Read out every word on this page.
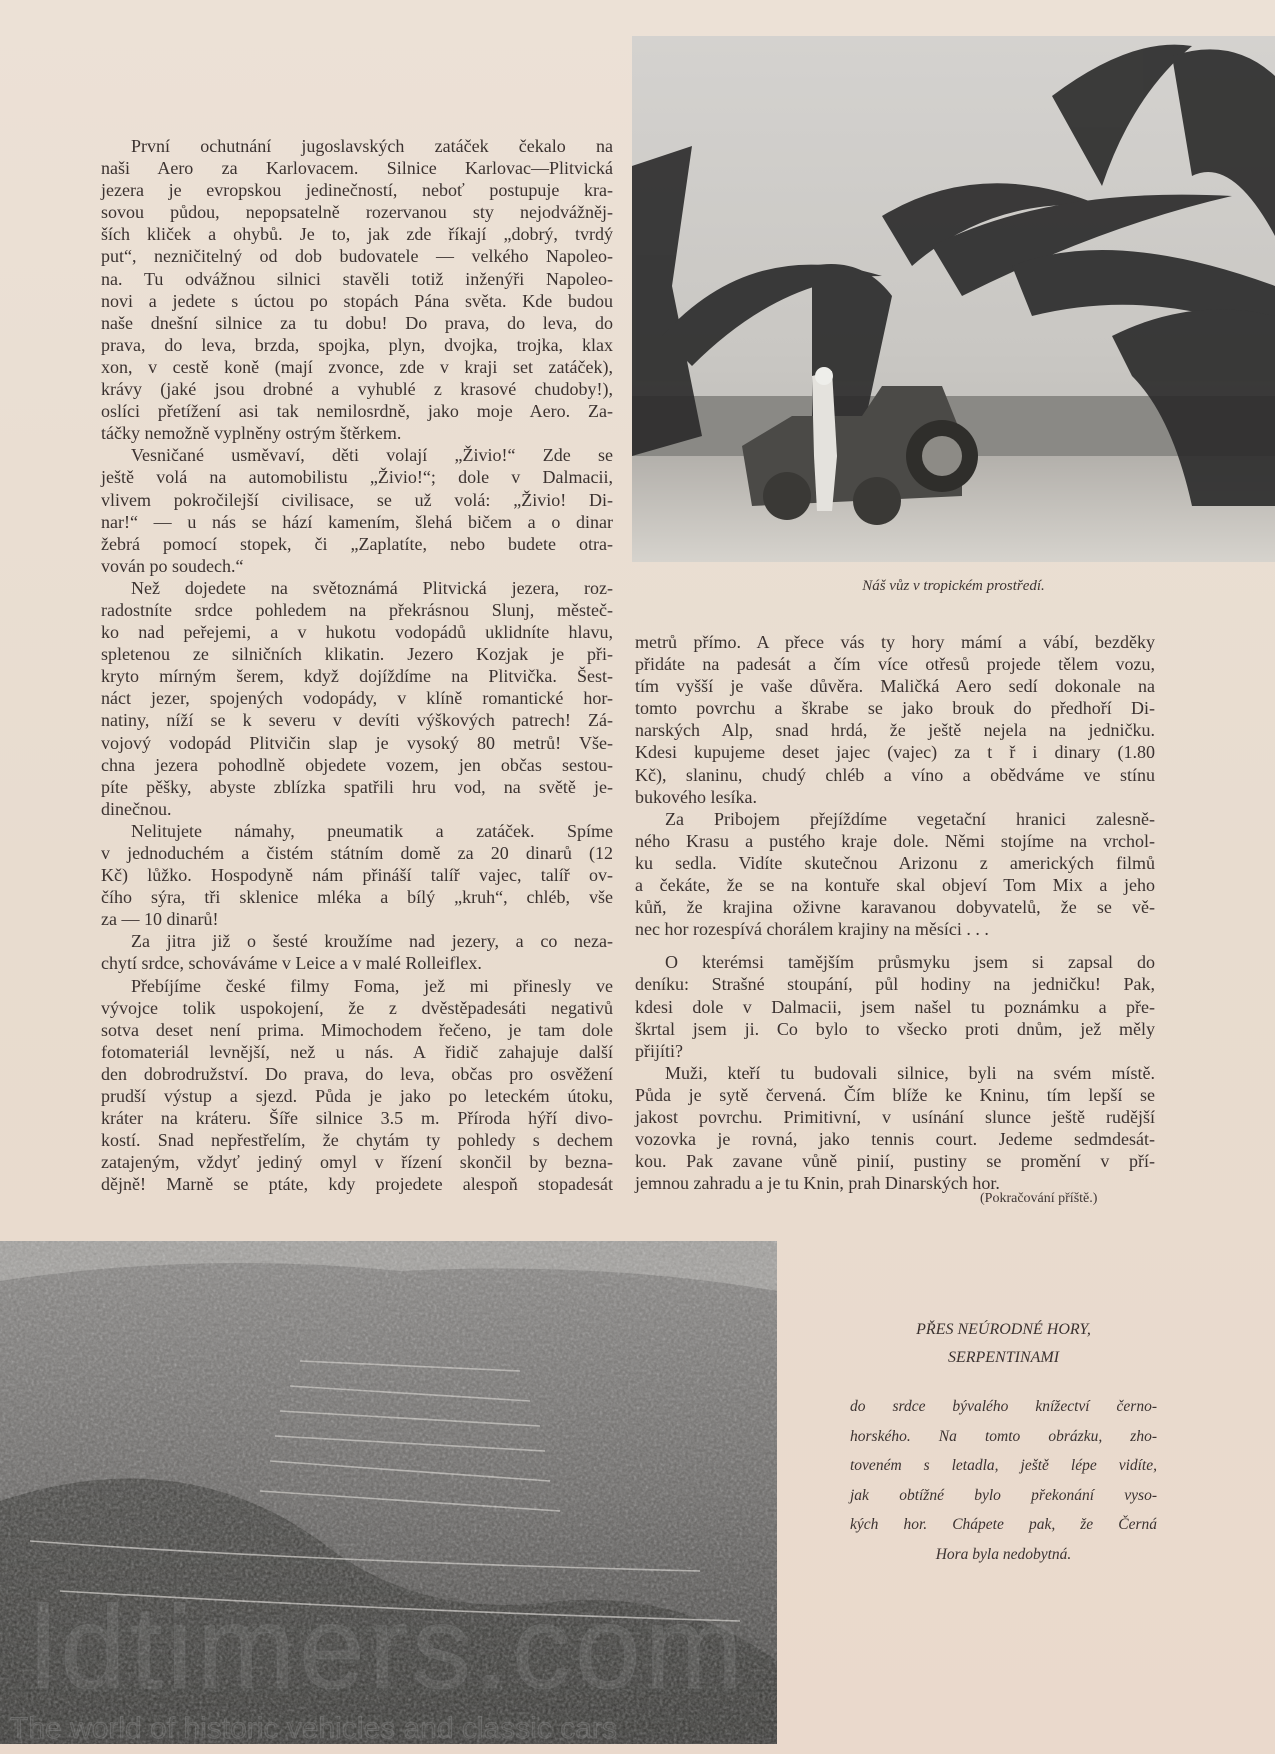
Náš vůz v tropickém prostředí.
První ochutnání jugoslavských zatáček čekalo na
naši Aero za Karlovacem. Silnice Karlovac—Plitvická
jezera je evropskou jedinečností, neboť postupuje kra-
sovou půdou, nepopsatelně rozervanou sty nejodvážněj-
ších kliček a ohybů. Je to, jak zde říkají „dobrý, tvrdý
put“, nezničitelný od dob budovatele — velkého Napoleo-
na. Tu odvážnou silnici stavěli totiž inženýři Napoleo-
novi a jedete s úctou po stopách Pána světa. Kde budou
naše dnešní silnice za tu dobu! Do prava, do leva, do
prava, do leva, brzda, spojka, plyn, dvojka, trojka, klax
xon, v cestě koně (mají zvonce, zde v kraji set zatáček),
krávy (jaké jsou drobné a vyhublé z krasové chudoby!),
oslíci přetížení asi tak nemilosrdně, jako moje Aero. Za-
táčky nemožně vyplněny ostrým štěrkem.
Vesničané usměvaví, děti volají „Živio!“ Zde se
ještě volá na automobilistu „Živio!“; dole v Dalmacii,
vlivem pokročilejší civilisace, se už volá: „Živio! Di-
nar!“ — u nás se hází kamením, šlehá bičem a o dinar
žebrá pomocí stopek, či „Zaplatíte, nebo budete otra-
vován po soudech.“
Než dojedete na světoznámá Plitvická jezera, roz-
radostníte srdce pohledem na překrásnou Slunj, městeč-
ko nad peřejemi, a v hukotu vodopádů uklidníte hlavu,
spletenou ze silničních klikatin. Jezero Kozjak je při-
kryto mírným šerem, když dojíždíme na Plitvička. Šest-
náct jezer, spojených vodopády, v klíně romantické hor-
natiny, níží se k severu v devíti výškových patrech! Zá-
vojový vodopád Plitvičin slap je vysoký 80 metrů! Vše-
chna jezera pohodlně objedete vozem, jen občas sestou-
píte pěšky, abyste zblízka spatřili hru vod, na světě je-
dinečnou.
Nelitujete námahy, pneumatik a zatáček. Spíme
v jednoduchém a čistém státním domě za 20 dinarů (12
Kč) lůžko. Hospodyně nám přináší talíř vajec, talíř ov-
čího sýra, tři sklenice mléka a bílý „kruh“, chléb, vše
za — 10 dinarů!
Za jitra již o šesté kroužíme nad jezery, a co neza-
chytí srdce, schováváme v Leice a v malé Rolleiflex.
Přebíjíme české filmy Foma, jež mi přinesly ve
vývojce tolik uspokojení, že z dvěstěpadesáti negativů
sotva deset není prima. Mimochodem řečeno, je tam dole
fotomateriál levnější, než u nás. A řidič zahajuje další
den dobrodružství. Do prava, do leva, občas pro osvěžení
prudší výstup a sjezd. Půda je jako po leteckém útoku,
kráter na kráteru. Šíře silnice 3.5 m. Příroda hýří divo-
kostí. Snad nepřestřelím, že chytám ty pohledy s dechem
zatajeným, vždyť jediný omyl v řízení skončil by bezna-
dějně! Marně se ptáte, kdy projedete alespoň stopadesát
metrů přímo. A přece vás ty hory mámí a vábí, bezděky
přidáte na padesát a čím více otřesů projede tělem vozu,
tím vyšší je vaše důvěra. Maličká Aero sedí dokonale na
tomto povrchu a škrabe se jako brouk do předhoří Di-
narských Alp, snad hrdá, že ještě nejela na jedničku.
Kdesi kupujeme deset jajec (vajec) za t ř i dinary (1.80
Kč), slaninu, chudý chléb a víno a obědváme ve stínu
bukového lesíka.
Za Pribojem přejíždíme vegetační hranici zalesně-
ného Krasu a pustého kraje dole. Němi stojíme na vrchol-
ku sedla. Vidíte skutečnou Arizonu z amerických filmů
a čekáte, že se na kontuře skal objeví Tom Mix a jeho
kůň, že krajina oživne karavanou dobyvatelů, že se vě-
nec hor rozespívá chorálem krajiny na měsíci . . .
O kterémsi tamějším průsmyku jsem si zapsal do
deníku: Strašné stoupání, půl hodiny na jedničku! Pak,
kdesi dole v Dalmacii, jsem našel tu poznámku a pře-
škrtal jsem ji. Co bylo to všecko proti dnům, jež měly
přijíti?
Muži, kteří tu budovali silnice, byli na svém místě.
Půda je sytě červená. Čím blíže ke Kninu, tím lepší se
jakost povrchu. Primitivní, v usínání slunce ještě rudější
vozovka je rovná, jako tennis court. Jedeme sedmdesát-
kou. Pak zavane vůně pinií, pustiny se promění v pří-
jemnou zahradu a je tu Knin, prah Dinarských hor.
(Pokračování příště.)
PŘES NEÚRODNÉ HORY,
SERPENTINAMI
do srdce bývalého knížectví černo-
horského. Na tomto obrázku, zho-
toveném s letadla, ještě lépe vidíte,
jak obtížné bylo překonání vyso-
kých hor. Chápete pak, že Černá
Hora byla nedobytná.
ldtimers.com
The world of historic vehicles and classic cars
